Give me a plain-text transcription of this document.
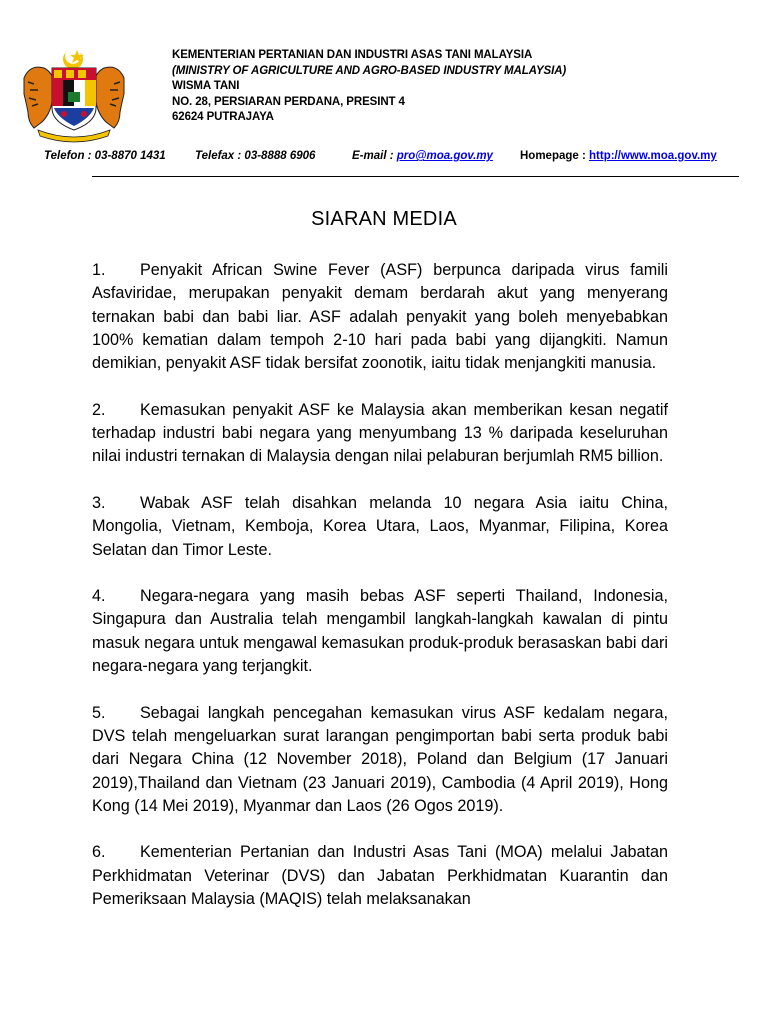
KEMENTERIAN PERTANIAN DAN INDUSTRI ASAS TANI MALAYSIA
(MINISTRY OF AGRICULTURE AND AGRO-BASED INDUSTRY MALAYSIA)
WISMA TANI
NO. 28, PERSIARAN PERDANA, PRESINT 4
62624 PUTRAJAYA
Telefon : 03-8870 1431	Telefax : 03-8888 6906	E-mail : pro@moa.gov.my Homepage : http://www.moa.gov.my
SIARAN MEDIA

1. Penyakit African Swine Fever (ASF) berpunca daripada virus famili Asfaviridae, merupakan penyakit demam berdarah akut yang menyerang ternakan babi dan babi liar. ASF adalah penyakit yang boleh menyebabkan 100% kematian dalam tempoh 2-10 hari pada babi yang dijangkiti. Namun demikian, penyakit ASF tidak bersifat zoonotik, iaitu tidak menjangkiti manusia.

2. Kemasukan penyakit ASF ke Malaysia akan memberikan kesan negatif terhadap industri babi negara yang menyumbang 13 % daripada keseluruhan nilai industri ternakan di Malaysia dengan nilai pelaburan berjumlah RM5 billion.

3. Wabak ASF telah disahkan melanda 10 negara Asia iaitu China, Mongolia, Vietnam, Kemboja, Korea Utara, Laos, Myanmar, Filipina, Korea Selatan dan Timor Leste.

4. Negara-negara yang masih bebas ASF seperti Thailand, Indonesia, Singapura dan Australia telah mengambil langkah-langkah kawalan di pintu masuk negara untuk mengawal kemasukan produk-produk berasaskan babi dari negara-negara yang terjangkit.

5. Sebagai langkah pencegahan kemasukan virus ASF kedalam negara, DVS telah mengeluarkan surat larangan pengimportan babi serta produk babi dari Negara China (12 November 2018), Poland dan Belgium (17 Januari 2019),Thailand dan Vietnam (23 Januari 2019), Cambodia (4 April 2019), Hong Kong (14 Mei 2019), Myanmar dan Laos (26 Ogos 2019).

6. Kementerian Pertanian dan Industri Asas Tani (MOA) melalui Jabatan Perkhidmatan Veterinar (DVS) dan Jabatan Perkhidmatan Kuarantin dan Pemeriksaan Malaysia (MAQIS) telah melaksanakan
